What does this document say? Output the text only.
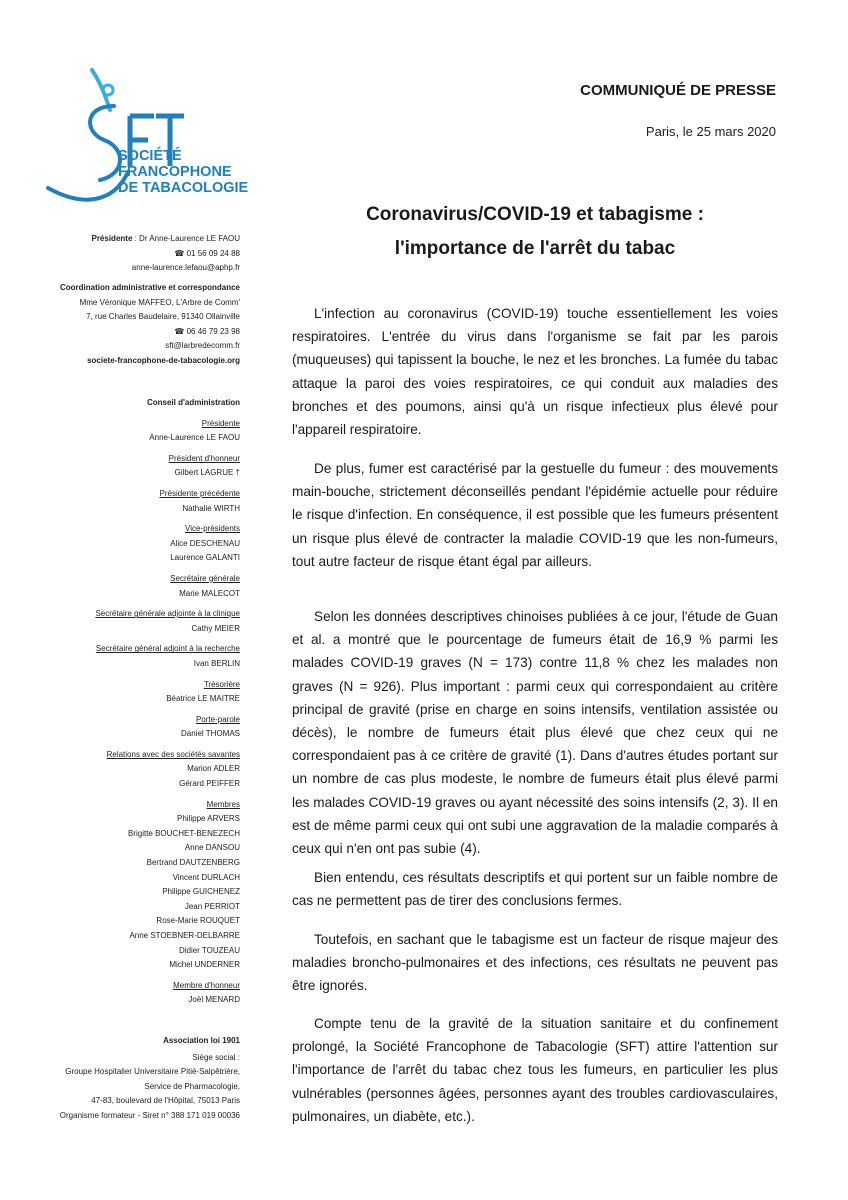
SOCIÉTÉ
FRANCOPHONE
DE TABACOLOGIE
Présidente : Dr Anne-Laurence LE FAOU
☎ 01 56 09 24 88
anne-laurence.lefaou@aphp.fr
Coordination administrative et correspondance
Mme Véronique MAFFEO, L'Arbre de Comm'
7, rue Charles Baudelaire, 91340 Ollainville
☎ 06 46 79 23 98
sft@larbredecomm.fr
societe-francophone-de-tabacologie.org
Conseil d'administration
Présidente
Anne-Laurence LE FAOU
Président d'honneur
Gilbert LAGRUE †
Présidente précédente
Nathalie WIRTH
Vice-présidents
Alice DESCHENAU
Laurence GALANTI
Secrétaire générale
Marie MALECOT
Secrétaire générale adjointe à la clinique
Cathy MEIER
Secrétaire général adjoint à la recherche
Ivan BERLIN
Trésorière
Béatrice LE MAITRE
Porte-parole
Daniel THOMAS
Relations avec des sociétés savantes
Marion ADLER
Gérard PEIFFER
Membres
Philippe ARVERS
Brigitte BOUCHET-BENEZECH
Anne DANSOU
Bertrand DAUTZENBERG
Vincent DURLACH
Philippe GUICHENEZ
Jean PERRIOT
Rose-Marie ROUQUET
Anne STOEBNER-DELBARRE
Didier TOUZEAU
Michel UNDERNER
Membre d'honneur
Joël MENARD
Association loi 1901
Siège social :
Groupe Hospitalier Universitaire Pitié-Salpêtrière,
Service de Pharmacologie,
47-83, boulevard de l'Hôpital, 75013 Paris
Organisme formateur - Siret n° 388 171 019 00036
COMMUNIQUÉ DE PRESSE
Paris, le 25 mars 2020
Coronavirus/COVID-19 et tabagisme :
l'importance de l'arrêt du tabac

L'infection au coronavirus (COVID-19) touche essentiellement les voies respiratoires. L'entrée du virus dans l'organisme se fait par les parois (muqueuses) qui tapissent la bouche, le nez et les bronches. La fumée du tabac attaque la paroi des voies respiratoires, ce qui conduit aux maladies des bronches et des poumons, ainsi qu'à un risque infectieux plus élevé pour l'appareil respiratoire.

De plus, fumer est caractérisé par la gestuelle du fumeur : des mouvements main-bouche, strictement déconseillés pendant l'épidémie actuelle pour réduire le risque d'infection. En conséquence, il est possible que les fumeurs présentent un risque plus élevé de contracter la maladie COVID-19 que les non-fumeurs, tout autre facteur de risque étant égal par ailleurs.

Selon les données descriptives chinoises publiées à ce jour, l'étude de Guan et al. a montré que le pourcentage de fumeurs était de 16,9 % parmi les malades COVID-19 graves (N = 173) contre 11,8 % chez les malades non graves (N = 926). Plus important : parmi ceux qui correspondaient au critère principal de gravité (prise en charge en soins intensifs, ventilation assistée ou décès), le nombre de fumeurs était plus élevé que chez ceux qui ne correspondaient pas à ce critère de gravité (1). Dans d'autres études portant sur un nombre de cas plus modeste, le nombre de fumeurs était plus élevé parmi les malades COVID-19 graves ou ayant nécessité des soins intensifs (2, 3). Il en est de même parmi ceux qui ont subi une aggravation de la maladie comparés à ceux qui n'en ont pas subie (4).

Bien entendu, ces résultats descriptifs et qui portent sur un faible nombre de cas ne permettent pas de tirer des conclusions fermes.

Toutefois, en sachant que le tabagisme est un facteur de risque majeur des maladies broncho-pulmonaires et des infections, ces résultats ne peuvent pas être ignorés.

Compte tenu de la gravité de la situation sanitaire et du confinement prolongé, la Société Francophone de Tabacologie (SFT) attire l'attention sur l'importance de l'arrêt du tabac chez tous les fumeurs, en particulier les plus vulnérables (personnes âgées, personnes ayant des troubles cardiovasculaires, pulmonaires, un diabète, etc.).
